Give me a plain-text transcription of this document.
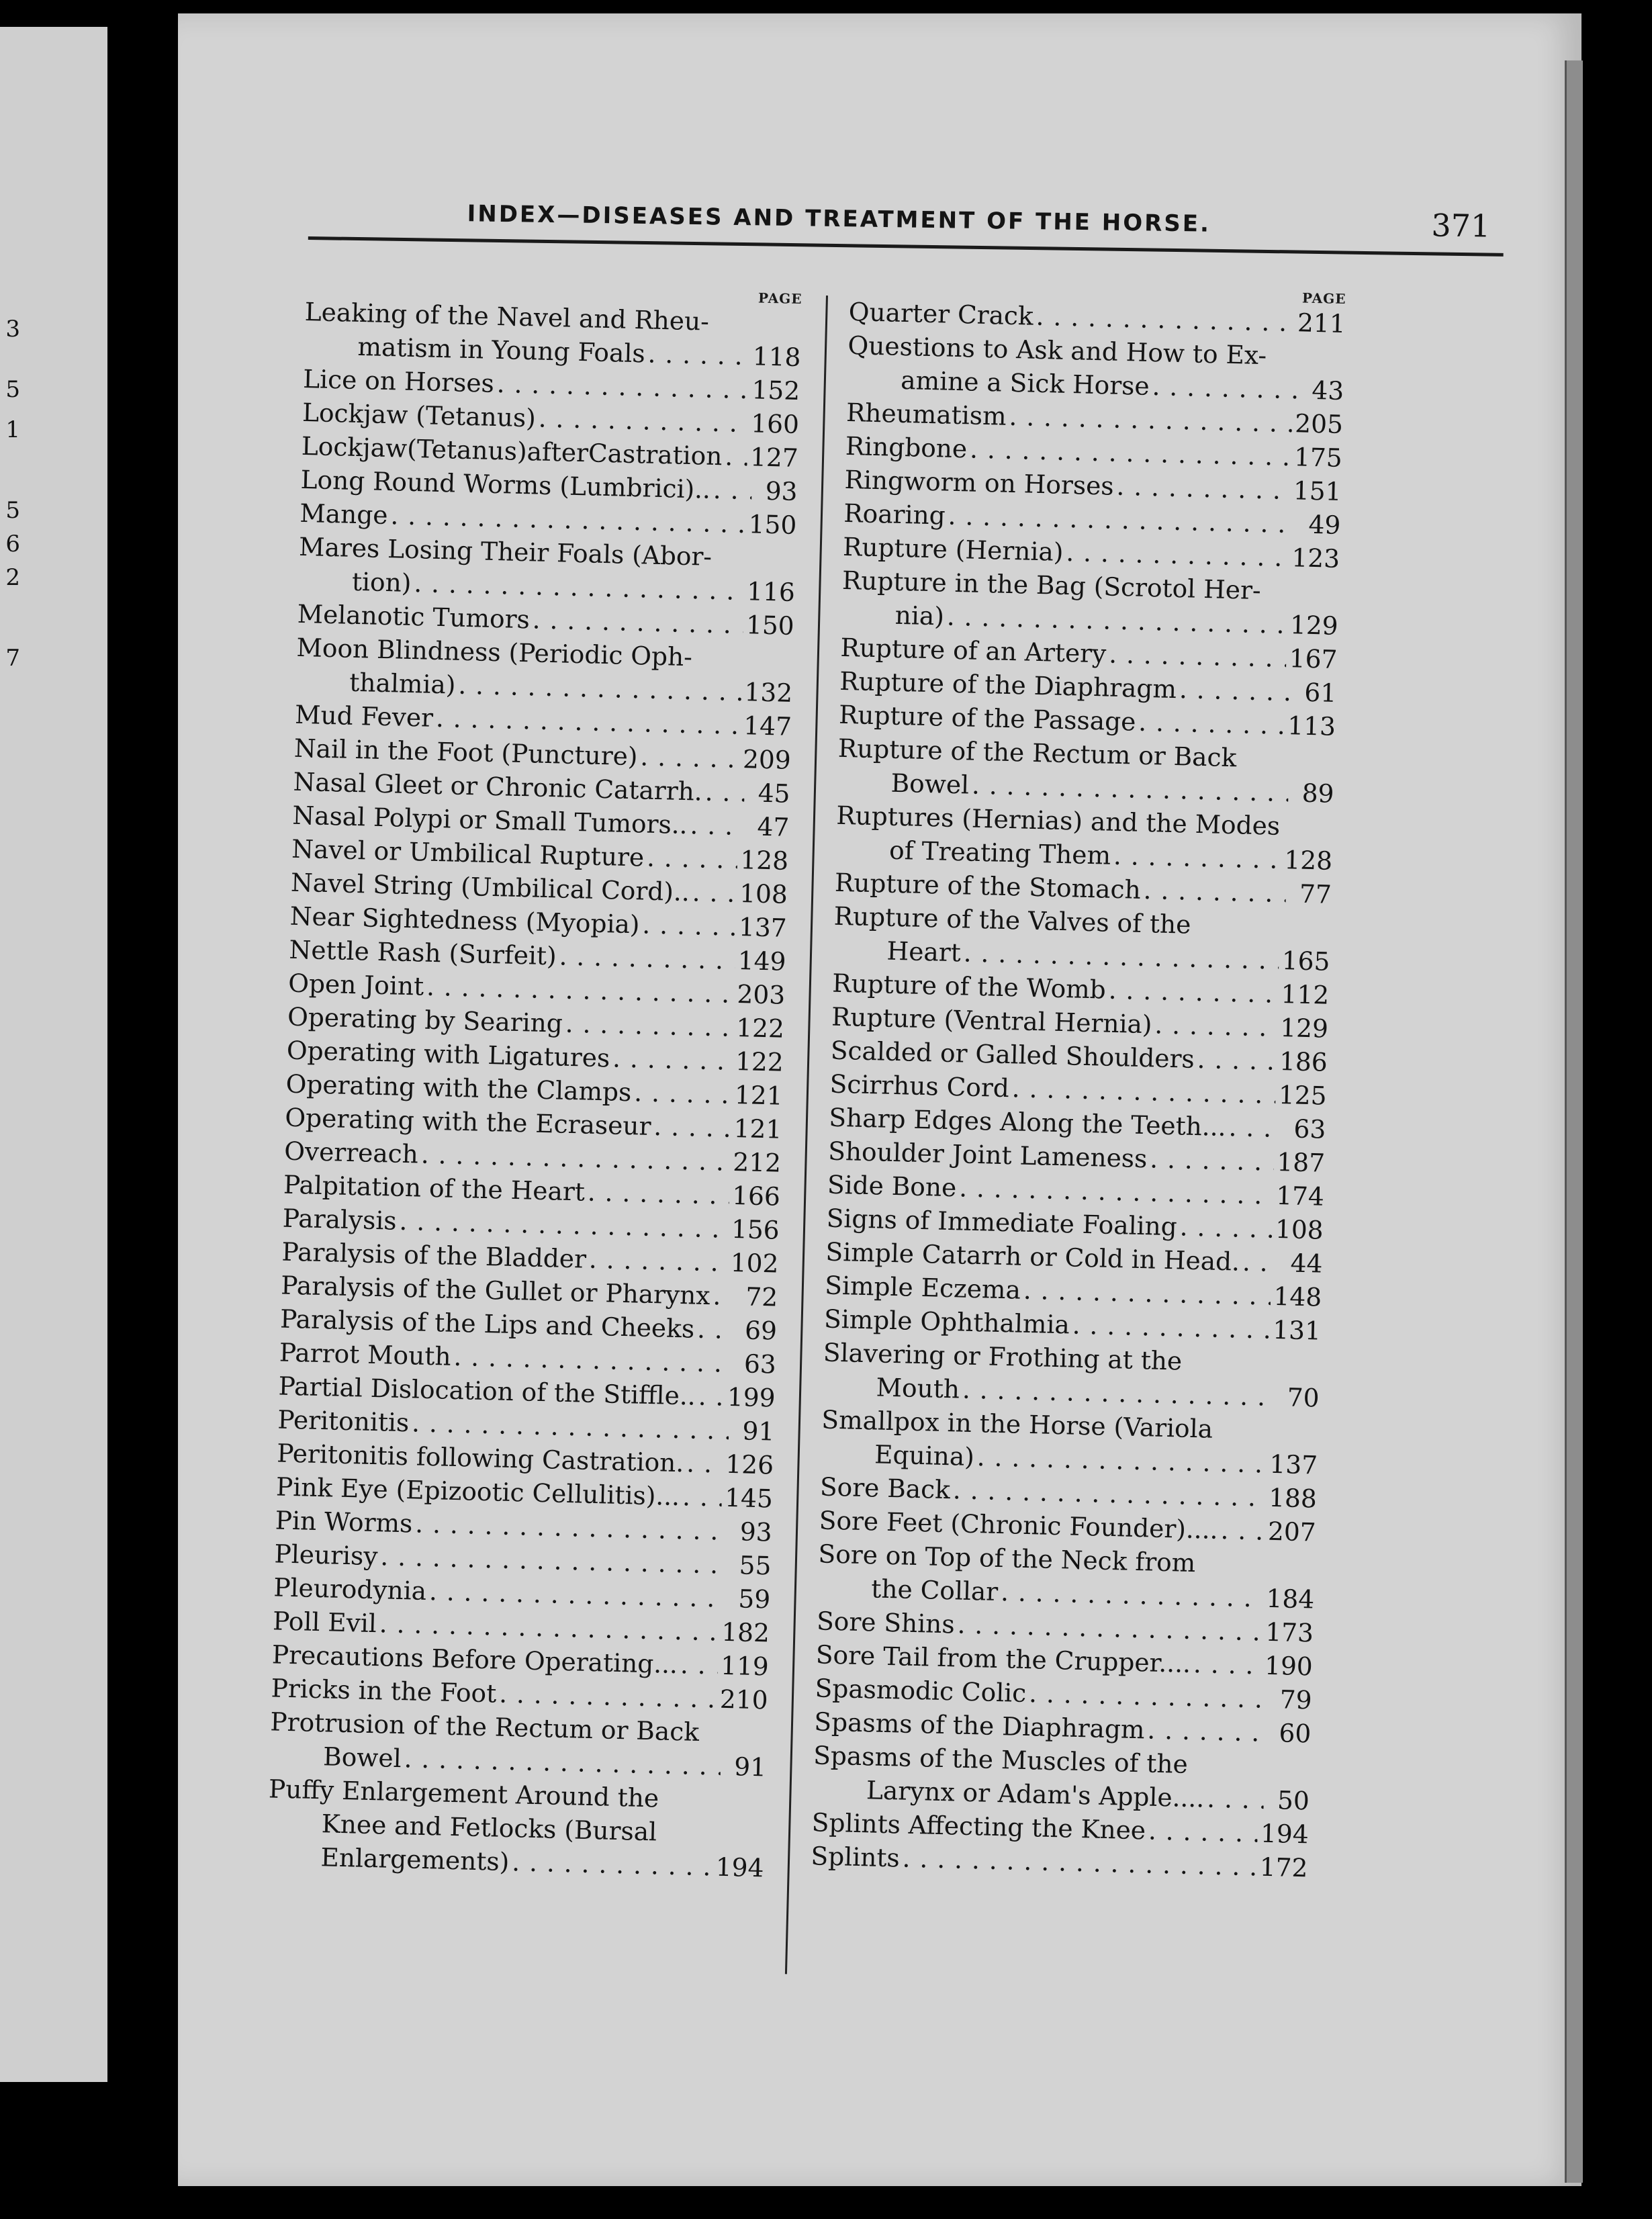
3
5
1
5
6
2
7
INDEX—DISEASES AND TREATMENT OF THE HORSE.	371
PAGE
Leaking of the Navel and Rheu-
matism in Young Foals . . .	118
Lice on Horses . . .	152
Lockjaw (Tetanus) . . .	160
Lockjaw(Tetanus)afterCastration . . . 127
Long Round Worms (Lumbrici).. . . .	93
Mange . . .	150
Mares Losing Their Foals (Abor-
tion) . . .	116
Melanotic Tumors . . .	150
Moon Blindness (Periodic Oph-
thalmia) . . .	132
Mud Fever . . .	147
Nail in the Foot (Puncture) . . .	209
Nasal Gleet or Chronic Catarrh. . . .	45
Nasal Polypi or Small Tumors.. . . .	47
Navel or Umbilical Rupture . . .	128
Navel String (Umbilical Cord).. . . . 108
Near Sightedness (Myopia) . . .	137
Nettle Rash (Surfeit) . . .	149
Open Joint . . .	203
Operating by Searing . . .	122
Operating with Ligatures . . .	122
Operating with the Clamps . . .	121
Operating with the Ecraseur . . .	121
Overreach . . .	212
Palpitation of the Heart . . .	166
Paralysis . . .	156
Paralysis of the Bladder . . .	102
Paralysis of the Gullet or Pharynx . . .	72
Paralysis of the Lips and Cheeks . . .	69
Parrot Mouth . . .	63
Partial Dislocation of the Stiffle.. . . . 199
Peritonitis . . .	91
Peritonitis following Castration. . . . 126
Pink Eye (Epizootic Cellulitis)... . . . 145
Pin Worms . . .	93
Pleurisy . . .	55
Pleurodynia . . .	59
Poll Evil . . .	182
Precautions Before Operating... . . . 119
Pricks in the Foot . . .	210
Protrusion of the Rectum or Back
Bowel . . .	91
Puffy Enlargement Around the
Knee and Fetlocks (Bursal
Enlargements) . . .	194
PAGE
Quarter Crack . . .	211
Questions to Ask and How to Ex-
amine a Sick Horse . . .	43
Rheumatism . . .	205
Ringbone . . .	175
Ringworm on Horses . . .	151
Roaring . . .	49
Rupture (Hernia) . . .	123
Rupture in the Bag (Scrotol Her-
nia) . . .	129
Rupture of an Artery . . .	167
Rupture of the Diaphragm . . .	61
Rupture of the Passage . . .	113
Rupture of the Rectum or Back
Bowel . . .	89
Ruptures (Hernias) and the Modes
of Treating Them . . .	128
Rupture of the Stomach . . .	77
Rupture of the Valves of the
Heart . . .	165
Rupture of the Womb . . .	112
Rupture (Ventral Hernia) . . .	129
Scalded or Galled Shoulders . . .	186
Scirrhus Cord . . .	125
Sharp Edges Along the Teeth... . . .	63
Shoulder Joint Lameness . . .	187
Side Bone . . .	174
Signs of Immediate Foaling . . .	108
Simple Catarrh or Cold in Head. . . .	44
Simple Eczema . . .	148
Simple Ophthalmia . . .	131
Slavering or Frothing at the
Mouth . . .	70
Smallpox in the Horse (Variola
Equina) . . .	137
Sore Back . . .	188
Sore Feet (Chronic Founder).... . . . 207
Sore on Top of the Neck from
the Collar . . .	184
Sore Shins . . .	173
Sore Tail from the Crupper.... . . .	190
Spasmodic Colic . . .	79
Spasms of the Diaphragm . . .	60
Spasms of the Muscles of the
Larynx or Adam's Apple.... . . .	50
Splints Affecting the Knee . . .	194
Splints . . .	172
